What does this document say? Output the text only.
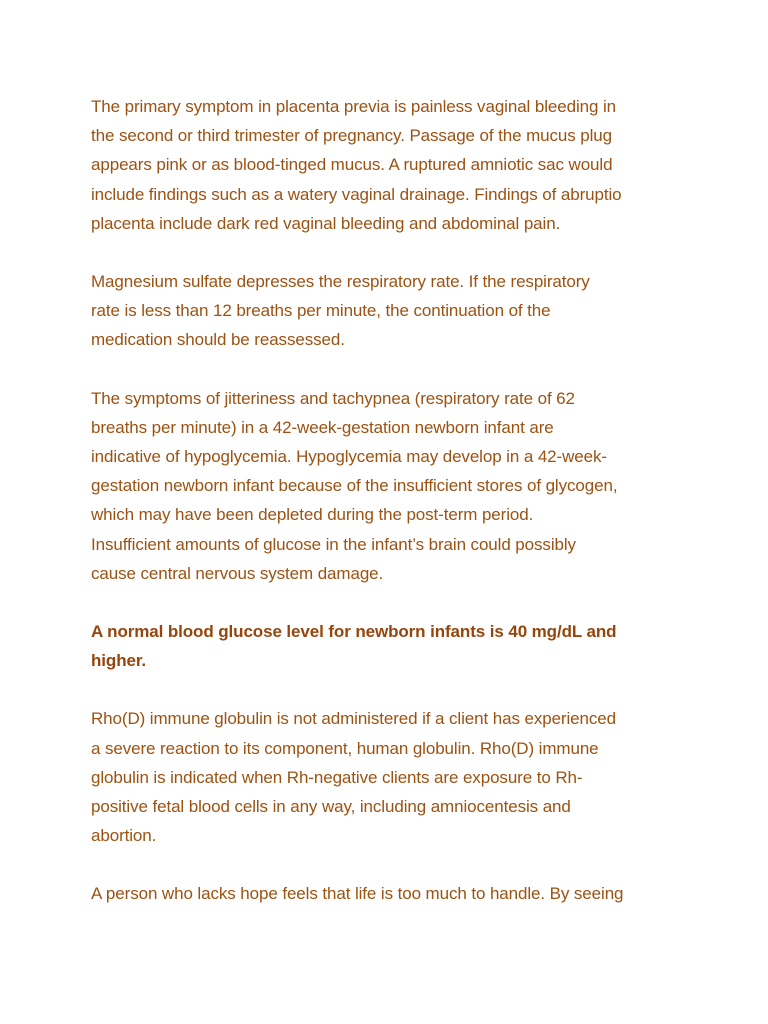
The primary symptom in placenta previa is painless vaginal bleeding in
the second or third trimester of pregnancy. Passage of the mucus plug
appears pink or as blood-tinged mucus. A ruptured amniotic sac would
include findings such as a watery vaginal drainage. Findings of abruptio
placenta include dark red vaginal bleeding and abdominal pain.

Magnesium sulfate depresses the respiratory rate. If the respiratory
rate is less than 12 breaths per minute, the continuation of the
medication should be reassessed.

The symptoms of jitteriness and tachypnea (respiratory rate of 62
breaths per minute) in a 42-week-gestation newborn infant are
indicative of hypoglycemia. Hypoglycemia may develop in a 42-week-
gestation newborn infant because of the insufficient stores of glycogen,
which may have been depleted during the post-term period.
Insufficient amounts of glucose in the infant’s brain could possibly
cause central nervous system damage.

A normal blood glucose level for newborn infants is 40 mg/dL and
higher.

Rho(D) immune globulin is not administered if a client has experienced
a severe reaction to its component, human globulin. Rho(D) immune
globulin is indicated when Rh-negative clients are exposure to Rh-
positive fetal blood cells in any way, including amniocentesis and
abortion.

A person who lacks hope feels that life is too much to handle. By seeing
